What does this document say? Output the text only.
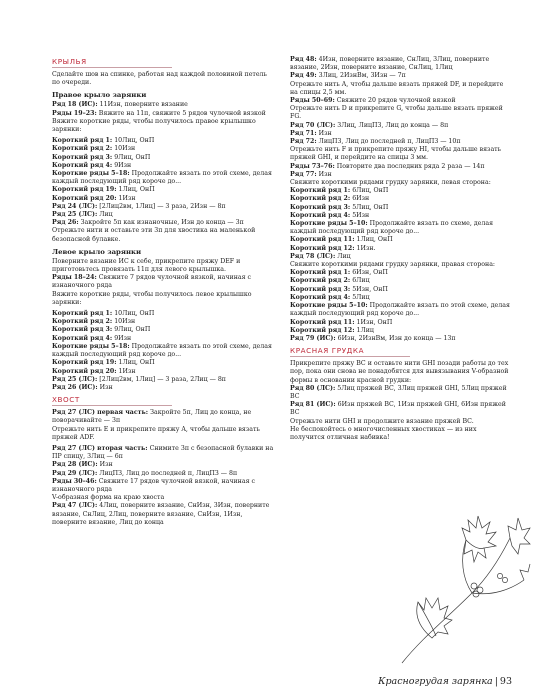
КРЫЛЬЯ

Сделайте шов на спинке, работая над каждой половиной петель по очереди.

Правое крыло зарянки

Ряд 18 (ИС): 11Изн, поверните вязание

Ряды 19–23: Вяжите на 11п, свяжите 5 рядов чулочной вязкой

Вяжите короткие ряды, чтобы получилось правое крылышко зарянки:

Короткий ряд 1: 10Лиц, ОнП

Короткий ряд 2: 10Изн

Короткий ряд 3: 9Лиц, ОнП

Короткий ряд 4: 9Изн

Короткие ряды 5–18: Продолжайте вязать по этой схеме, делая каждый последующий ряд короче до...

Короткий ряд 19: 1Лиц, ОнП

Короткий ряд 20: 1Изн

Ряд 24 (ЛС): [2Лиц2вм, 1Лиц] — 3 раза, 2Изн — 8п

Ряд 25 (ЛС): Лиц

Ряд 26: Закройте 5п как изнаночные, Изн до конца — 3п

Отрежьте нити и оставьте эти 3п для хвостика на маленькой безопасной булавке.

Левое крыло зарянки

Поверните вязание ИС к себе, прикрепите пряжу DEF и приготовьтесь провязать 11п для левого крылышка.

Ряды 18–24: Свяжите 7 рядов чулочной вязкой, начиная с изнаночного ряда

Вяжите короткие ряды, чтобы получилось левое крылышко зарянки:

Короткий ряд 1: 10Лиц, ОнП

Короткий ряд 2: 10Изн

Короткий ряд 3: 9Лиц, ОнП

Короткий ряд 4: 9Изн

Короткие ряды 5–18: Продолжайте вязать по этой схеме, делая каждый последующий ряд короче до...

Короткий ряд 19: 1Лиц, ОнП

Короткий ряд 20: 1Изн

Ряд 25 (ЛС): [2Лиц2вм, 1Лиц] — 3 раза, 2Лиц — 8п

Ряд 26 (ИС): Изн

ХВОСТ

Ряд 27 (ЛС) первая часть: Закройте 5п, Лиц до конца, не поворачивайте — 3п

Отрежьте нить E и прикрепите пряжу A, чтобы дальше вязать пряжей ADF.

Ряд 27 (ЛС) вторая часть: Снимите 3п с безопасной булавки на ПР спицу, 3Лиц — 6п

Ряд 28 (ИС): Изн

Ряд 29 (ЛС): ЛицПЗ, Лиц до последней п, ЛицПЗ — 8п

Ряды 30–46: Свяжите 17 рядов чулочной вязкой, начиная с изнаночного ряда

V-образная форма на краю хвоста

Ряд 47 (ЛС): 4Лиц, поверните вязание, СнИзн, 3Изн, поверните вязание, СнЛиц, 2Лиц, поверните вязание, СнИзн, 1Изн, поверните вязание, Лиц до конца

Ряд 48: 4Изн, поверните вязание, СнЛиц, 3Лиц, поверните вязание, 2Изн, поверните вязание, СнЛиц, 1Лиц

Ряд 49: 3Лиц, 2ИзнВм, 3Изн — 7п

Отрежьте нить A, чтобы дальше вязать пряжей DF, и перейдите на спицы 2,5 мм.

Ряды 50–69: Свяжите 20 рядов чулочной вязкой

Отрежьте нить D и прикрепите G, чтобы дальше вязать пряжей FG.

Ряд 70 (ЛС): 3Лиц, ЛицПЗ, Лиц до конца — 8п

Ряд 71: Изн

Ряд 72: ЛицПЗ, Лиц до последней п, ЛицПЗ — 10п

Отрежьте нить F и прикрепите пряжу HI, чтобы дальше вязать пряжей GHI, и перейдите на спицы 3 мм.

Ряды 73–76: Повторите два последних ряда 2 раза — 14п

Ряд 77: Изн

Свяжите короткими рядами грудку зарянки, левая сторона:

Короткий ряд 1: 6Лиц, ОнП

Короткий ряд 2: 6Изн

Короткий ряд 3: 5Лиц, ОнП

Короткий ряд 4: 5Изн

Короткие ряды 5–10: Продолжайте вязать по схеме, делая каждый последующий ряд короче до...

Короткий ряд 11: 1Лиц, ОнП

Короткий ряд 12: 1Изн.

Ряд 78 (ЛС): Лиц

Свяжите короткими рядами грудку зарянки, правая сторона:

Короткий ряд 1: 6Изн, ОнП

Короткий ряд 2: 6Лиц

Короткий ряд 3: 5Изн, ОнП

Короткий ряд 4: 5Лиц

Короткие ряды 5–10: Продолжайте вязать по этой схеме, делая каждый последующий ряд короче до...

Короткий ряд 11: 1Изн, ОнП

Короткий ряд 12: 1Лиц

Ряд 79 (ИС): 6Изн, 2ИзнВм, Изн до конца — 13п

КРАСНАЯ ГРУДКА

Прикрепите пряжу BC и оставьте нити GHI позади работы до тех пор, пока они снова не понадобятся для вывязывания V-образной формы в основании красной грудки:

Ряд 80 (ЛС): 5Лиц пряжей BC, 3Лиц пряжей GHI, 5Лиц пряжей BC

Ряд 81 (ИС): 6Изн пряжей BC, 1Изн пряжей GHI, 6Изн пряжей BC

Отрежьте нити GHI и продолжите вязание пряжей BC.

Не беспокойтесь о многочисленных хвостиках — из них получится отличная набивка!

Красногрудая зарянка | 93
